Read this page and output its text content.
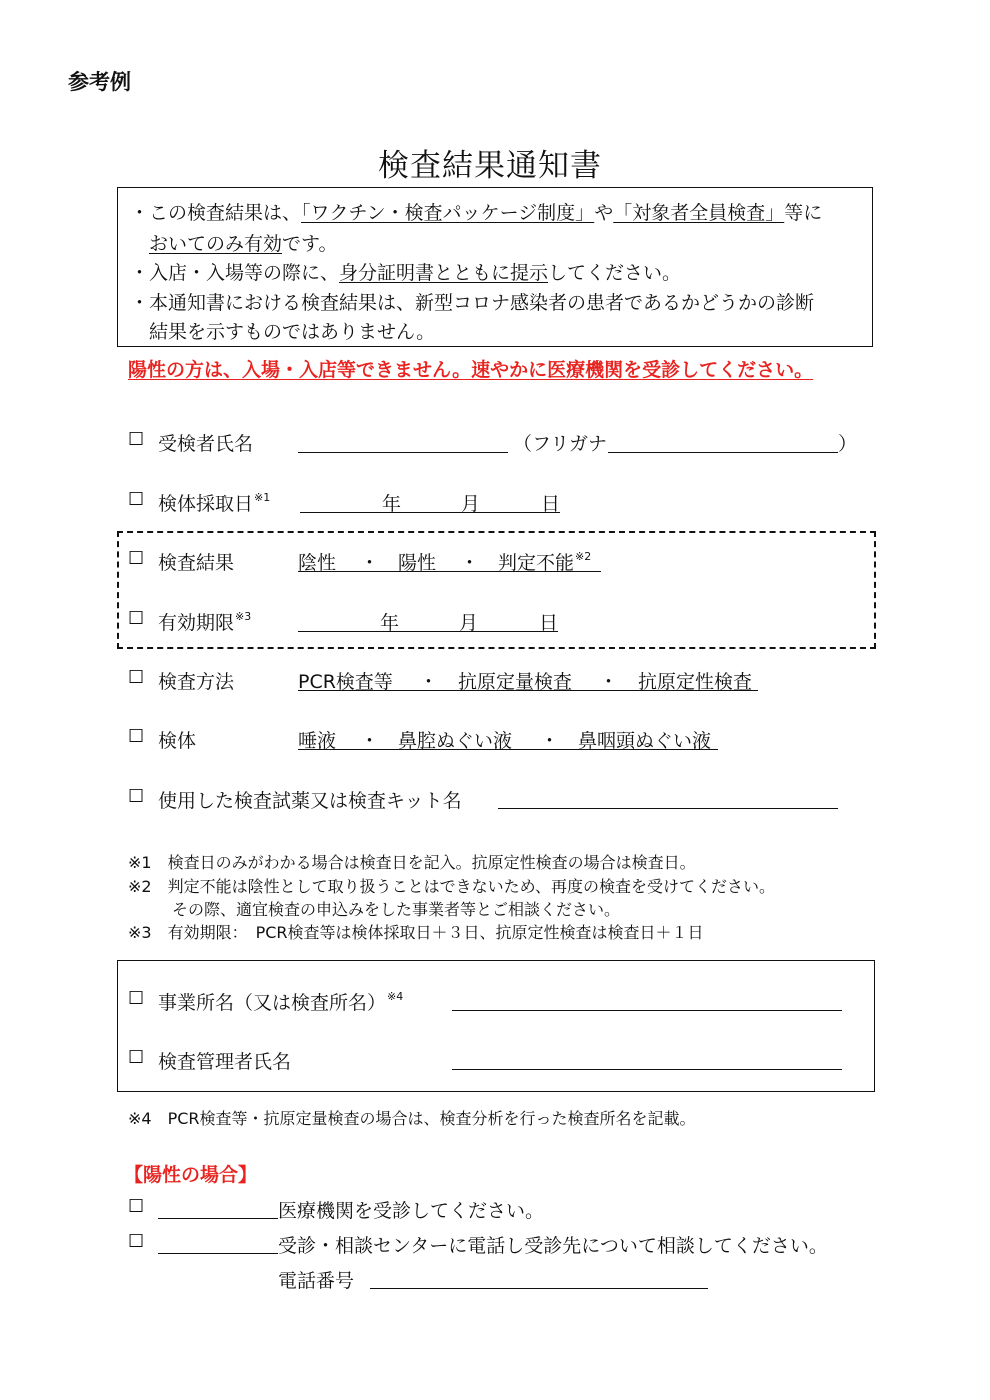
参考例
検査結果通知書
・この検査結果は、「ワクチン・検査パッケージ制度」や「対象者全員検査」等に
おいてのみ有効です。
・入店・入場等の際に、身分証明書とともに提示してください。
・本通知書における検査結果は、新型コロナ感染者の患者であるかどうかの診断
結果を示すものではありません。
陽性の方は、入場・入店等できません。速やかに医療機関を受診してください。
☐ 受検者氏名	（フリガナ	）
☐ 検体採取日$^{※1}$	年	月	日
☐ 検査結果	陰性 ・ 陽性 ・ 判定不能$^{※2}$
☐ 有効期限$^{※3}$	年	月	日
☐ 検査方法	PCR検査等 ・ 抗原定量検査 ・ 抗原定性検査
☐ 検体	唾液 ・ 鼻腔ぬぐい液 ・ 鼻咽頭ぬぐい液
☐ 使用した検査試薬又は検査キット名
※1　検査日のみがわかる場合は検査日を記入。抗原定性検査の場合は検査日。
※2　判定不能は陰性として取り扱うことはできないため、再度の検査を受けてください。
その際、適宜検査の申込みをした事業者等とご相談ください。
※3　有効期限：　PCR検査等は検体採取日＋３日、抗原定性検査は検査日＋１日
☐ 事業所名（又は検査所名）$^{※4}$
☐ 検査管理者氏名
※4　PCR検査等・抗原定量検査の場合は、検査分析を行った検査所名を記載。
【陽性の場合】
☐	医療機関を受診してください。
☐	受診・相談センターに電話し受診先について相談してください。
電話番号
